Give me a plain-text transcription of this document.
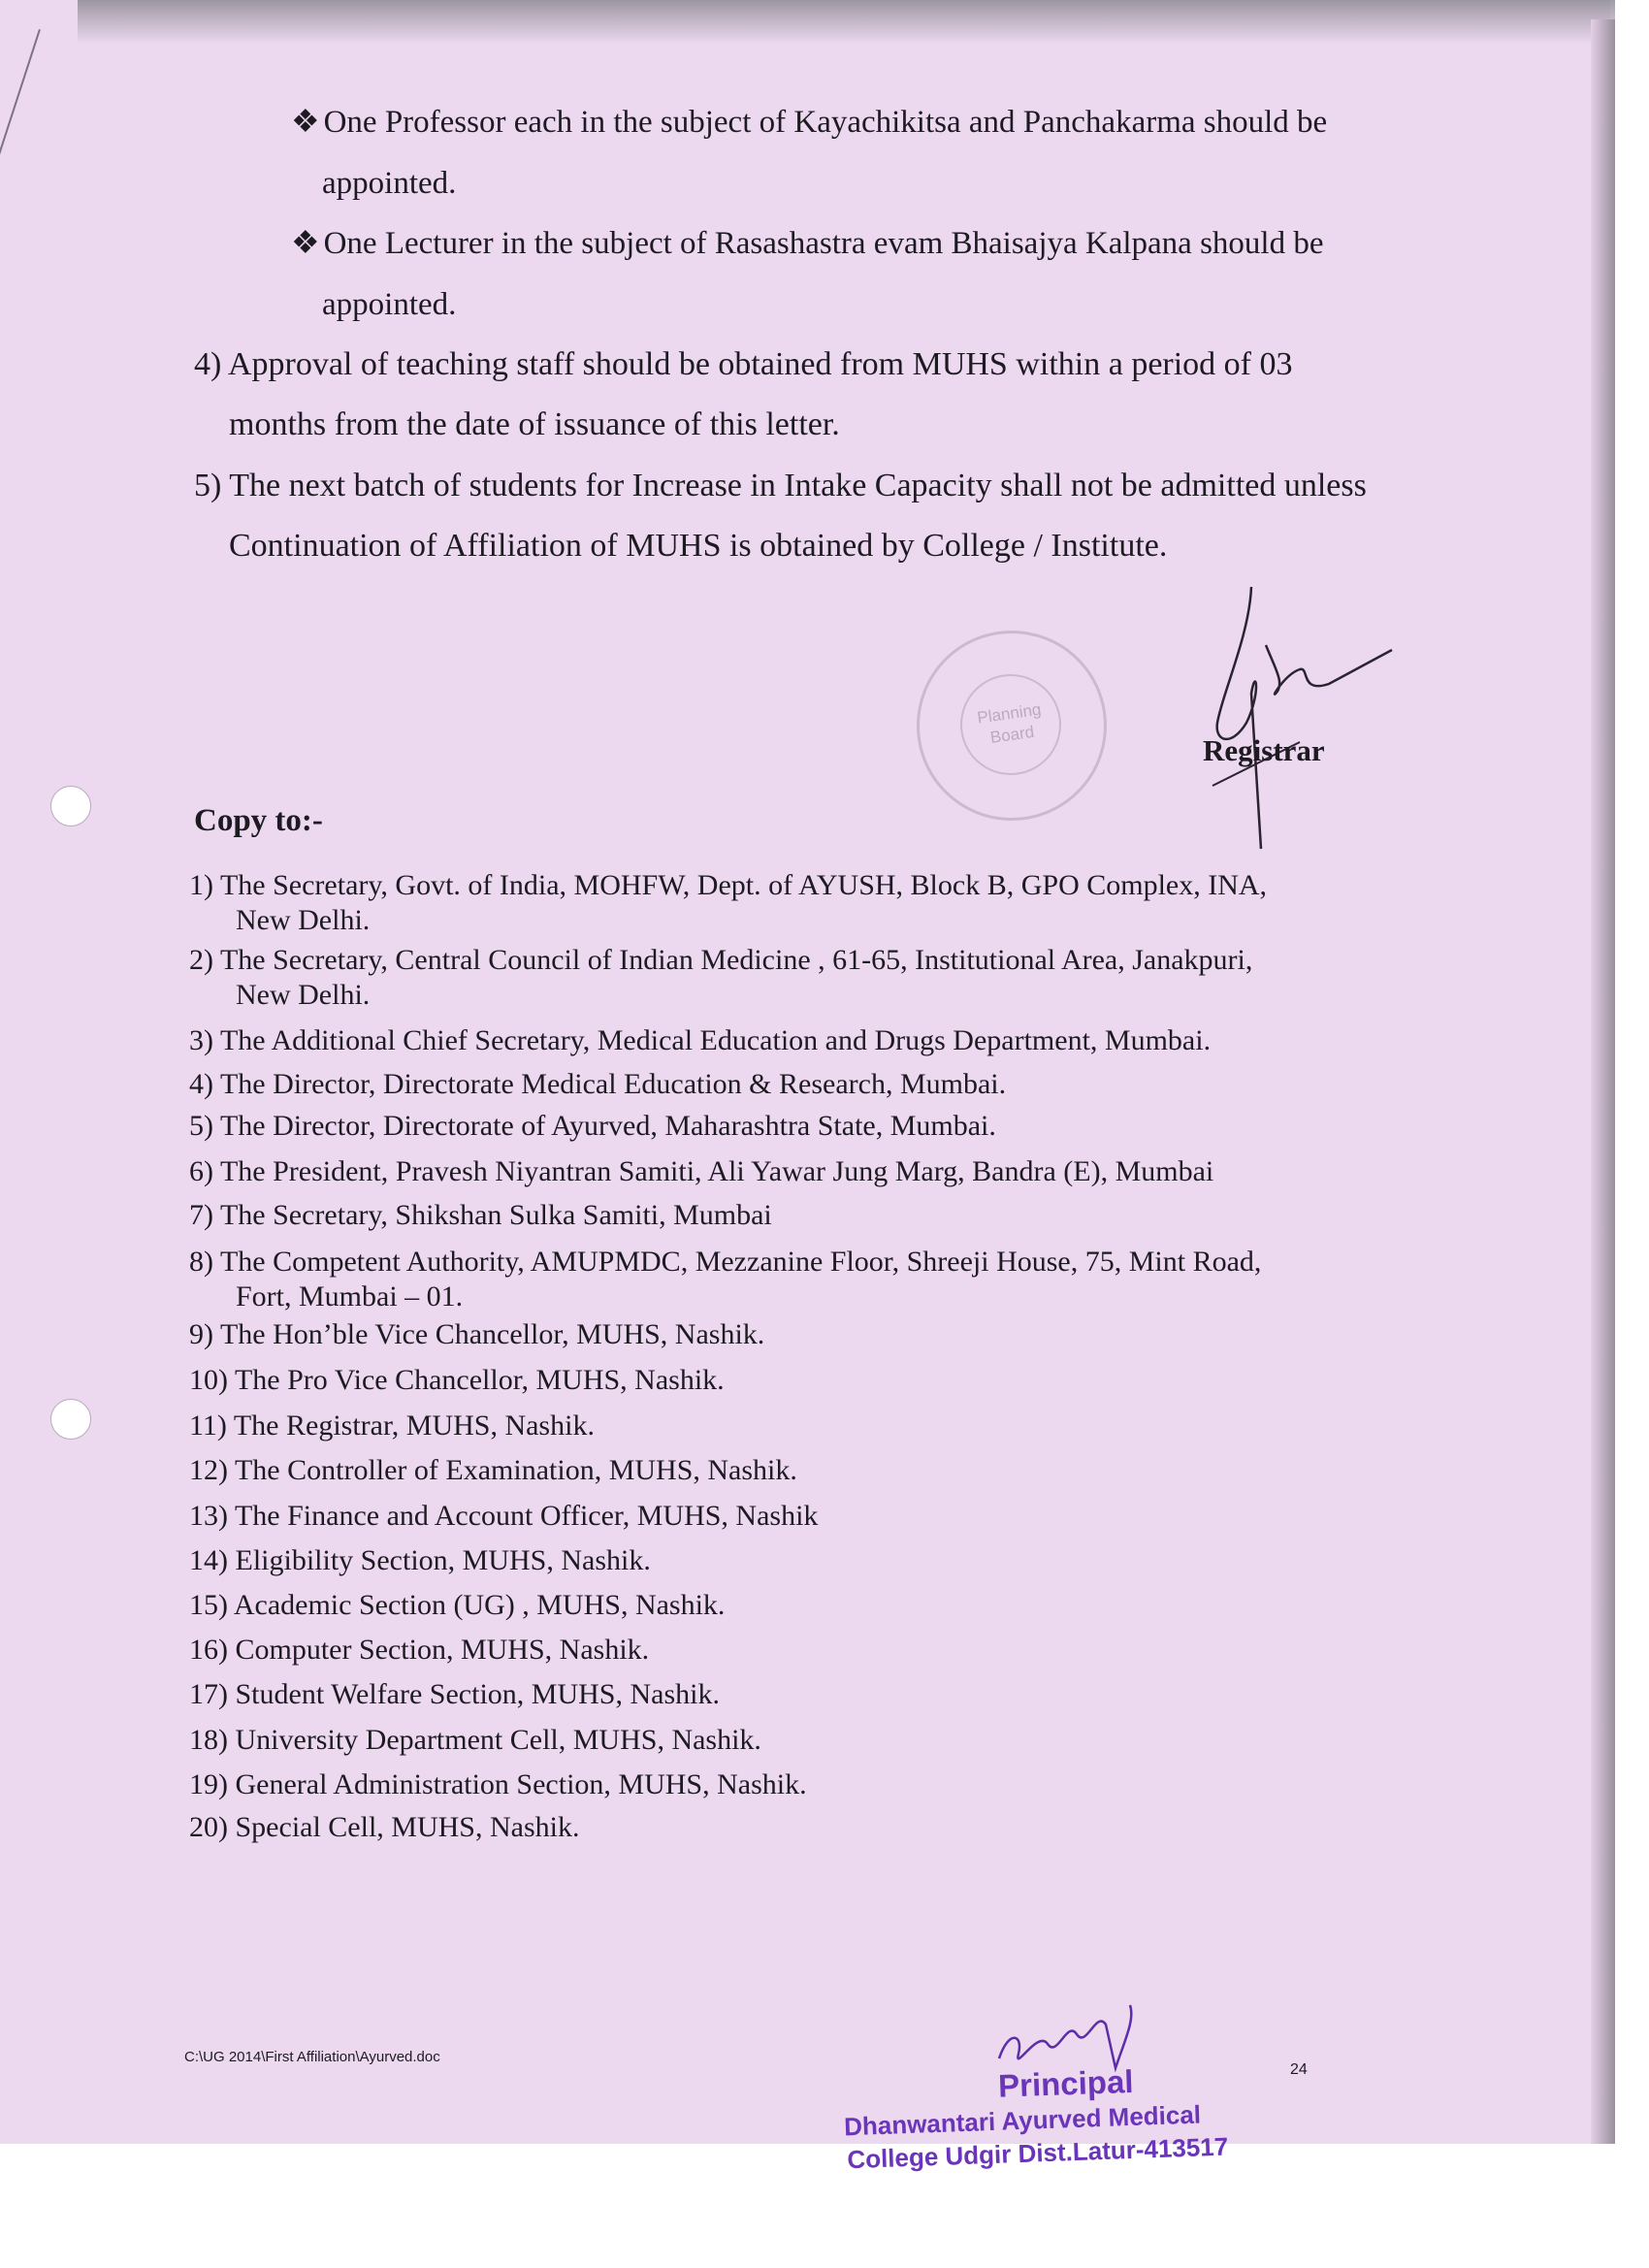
❖ One Professor each in the subject of Kayachikitsa and Panchakarma should be
appointed.
❖ One Lecturer in the subject of Rasashastra evam Bhaisajya Kalpana should be
appointed.
4) Approval of teaching staff should be obtained from MUHS within a period of 03
months from the date of issuance of this letter.
5) The next batch of students for Increase in Intake Capacity shall not be admitted unless
Continuation of Affiliation of MUHS is obtained by College / Institute.
Planning
Board	Registrar
Copy to:-
1) The Secretary, Govt. of India, MOHFW, Dept. of AYUSH, Block B, GPO Complex, INA,
New Delhi.
2) The Secretary, Central Council of Indian Medicine , 61-65, Institutional Area, Janakpuri,
New Delhi.
3) The Additional Chief Secretary, Medical Education and Drugs Department, Mumbai.
4) The Director, Directorate Medical Education & Research, Mumbai.
5) The Director, Directorate of Ayurved, Maharashtra State, Mumbai.
6) The President, Pravesh Niyantran Samiti, Ali Yawar Jung Marg, Bandra (E), Mumbai
7) The Secretary, Shikshan Sulka Samiti, Mumbai
8) The Competent Authority, AMUPMDC, Mezzanine Floor, Shreeji House, 75, Mint Road,
Fort, Mumbai – 01.
9) The Hon’ble Vice Chancellor, MUHS, Nashik.
10) The Pro Vice Chancellor, MUHS, Nashik.
11) The Registrar, MUHS, Nashik.
12) The Controller of Examination, MUHS, Nashik.
13) The Finance and Account Officer, MUHS, Nashik
14) Eligibility Section, MUHS, Nashik.
15) Academic Section (UG) , MUHS, Nashik.
16) Computer Section, MUHS, Nashik.
17) Student Welfare Section, MUHS, Nashik.
18) University Department Cell, MUHS, Nashik.
19) General Administration Section, MUHS, Nashik.
20) Special Cell, MUHS, Nashik.
C:\UG 2014\First Affiliation\Ayurved.doc
24
Principal
Dhanwantari Ayurved Medical
College Udgir Dist.Latur-413517
